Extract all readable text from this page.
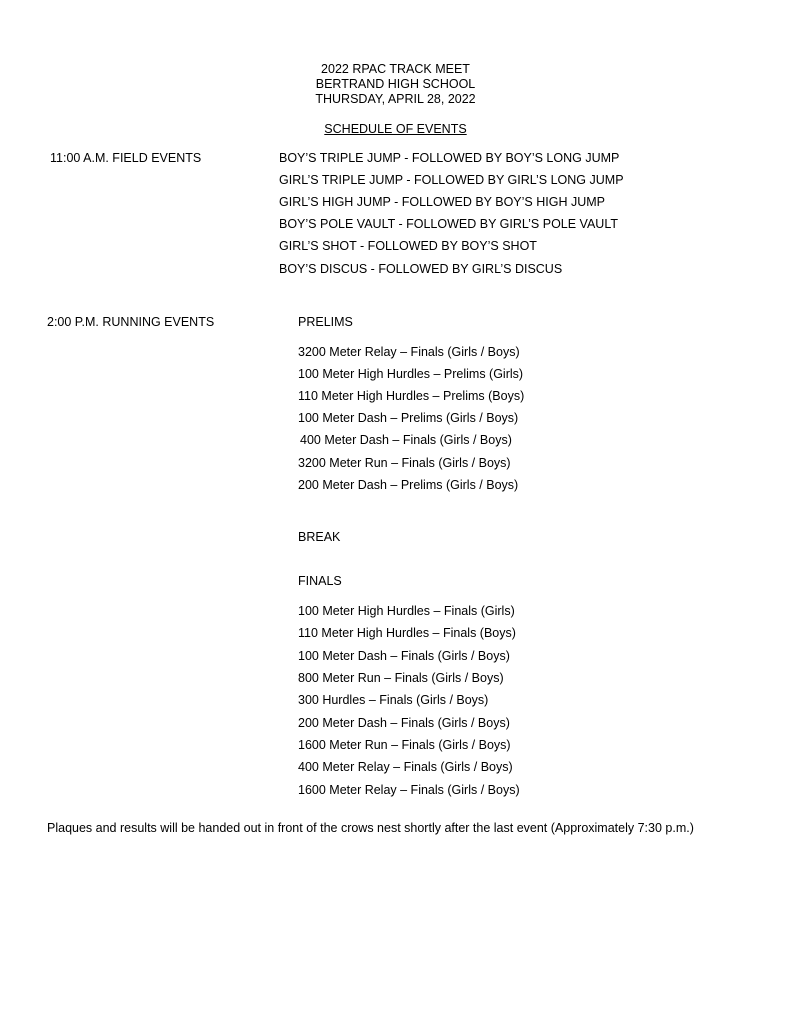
2022 RPAC TRACK MEET
BERTRAND HIGH SCHOOL
THURSDAY, APRIL 28, 2022
SCHEDULE OF EVENTS
11:00 A.M. FIELD EVENTS	BOY’S TRIPLE JUMP - FOLLOWED BY BOY’S LONG JUMP
GIRL’S TRIPLE JUMP - FOLLOWED BY GIRL’S LONG JUMP
GIRL’S HIGH JUMP - FOLLOWED BY BOY’S HIGH JUMP
BOY’S POLE VAULT - FOLLOWED BY GIRL’S POLE VAULT
GIRL’S SHOT - FOLLOWED BY BOY’S SHOT
BOY’S DISCUS - FOLLOWED BY GIRL’S DISCUS
2:00 P.M. RUNNING EVENTS	PRELIMS
3200 Meter Relay – Finals (Girls / Boys)
100 Meter High Hurdles – Prelims (Girls)
110 Meter High Hurdles – Prelims (Boys)
100 Meter Dash – Prelims (Girls / Boys)
400 Meter Dash – Finals (Girls / Boys)
3200 Meter Run – Finals (Girls / Boys)
200 Meter Dash – Prelims (Girls / Boys)
BREAK
FINALS
100 Meter High Hurdles – Finals (Girls)
110 Meter High Hurdles – Finals (Boys)
100 Meter Dash – Finals (Girls / Boys)
800 Meter Run – Finals (Girls / Boys)
300 Hurdles – Finals (Girls / Boys)
200 Meter Dash – Finals (Girls / Boys)
1600 Meter Run – Finals (Girls / Boys)
400 Meter Relay – Finals (Girls / Boys)
1600 Meter Relay – Finals (Girls / Boys)
Plaques and results will be handed out in front of the crows nest shortly after the last event (Approximately 7:30 p.m.)
